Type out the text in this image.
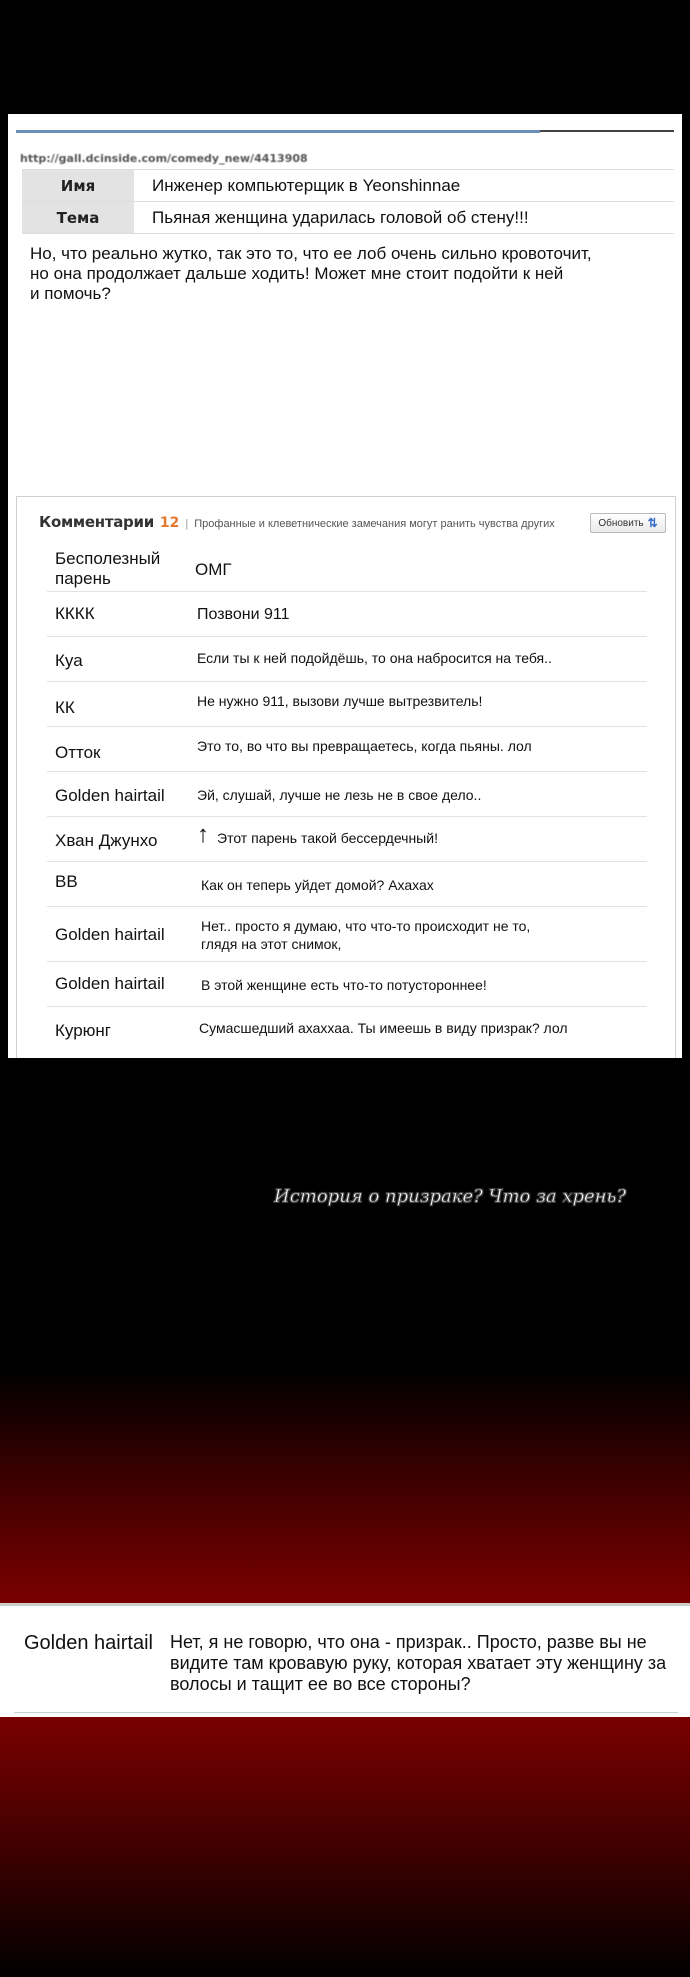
http://gall.dcinside.com/comedy_new/4413908
Имя	Инженер компьютерщик в Yeonshinnae
Тема	Пьяная женщина ударилась головой об стену!!!
Но, что реально жутко, так это то, что ее лоб очень сильно кровоточит,
но она продолжает дальше ходить! Может мне стоит подойти к ней
и помочь?
Комментарии 12 | Профанные и клеветнические замечания могут ранить чувства других	Обновить ⇅
Бесполезный
парень	ОМГ
КККК	Позвони 911
Куа	Если ты к ней подойдёшь, то она набросится на тебя..
КК	Не нужно 911, вызови лучше вытрезвитель!
Отток	Это то, во что вы превращаетесь, когда пьяны. лол
Golden hairtail Эй, слушай, лучше не лезь не в свое дело..
Хван Джунхо ↑ Этот парень такой бессердечный!
ВВ	Как он теперь уйдет домой? Ахахах
Golden hairtail	Нет.. просто я думаю, что что-то происходит не то,
глядя на этот снимок,
Golden hairtail	В этой женщине есть что-то потустороннее!
Курюнг	Сумасшедший ахаххаа. Ты имеешь в виду призрак? лол
История о призраке? Что за хрень?
Golden hairtail Нет, я не говорю, что она - призрак.. Просто, разве вы не
видите там кровавую руку, которая хватает эту женщину за
волосы и тащит ее во все стороны?
